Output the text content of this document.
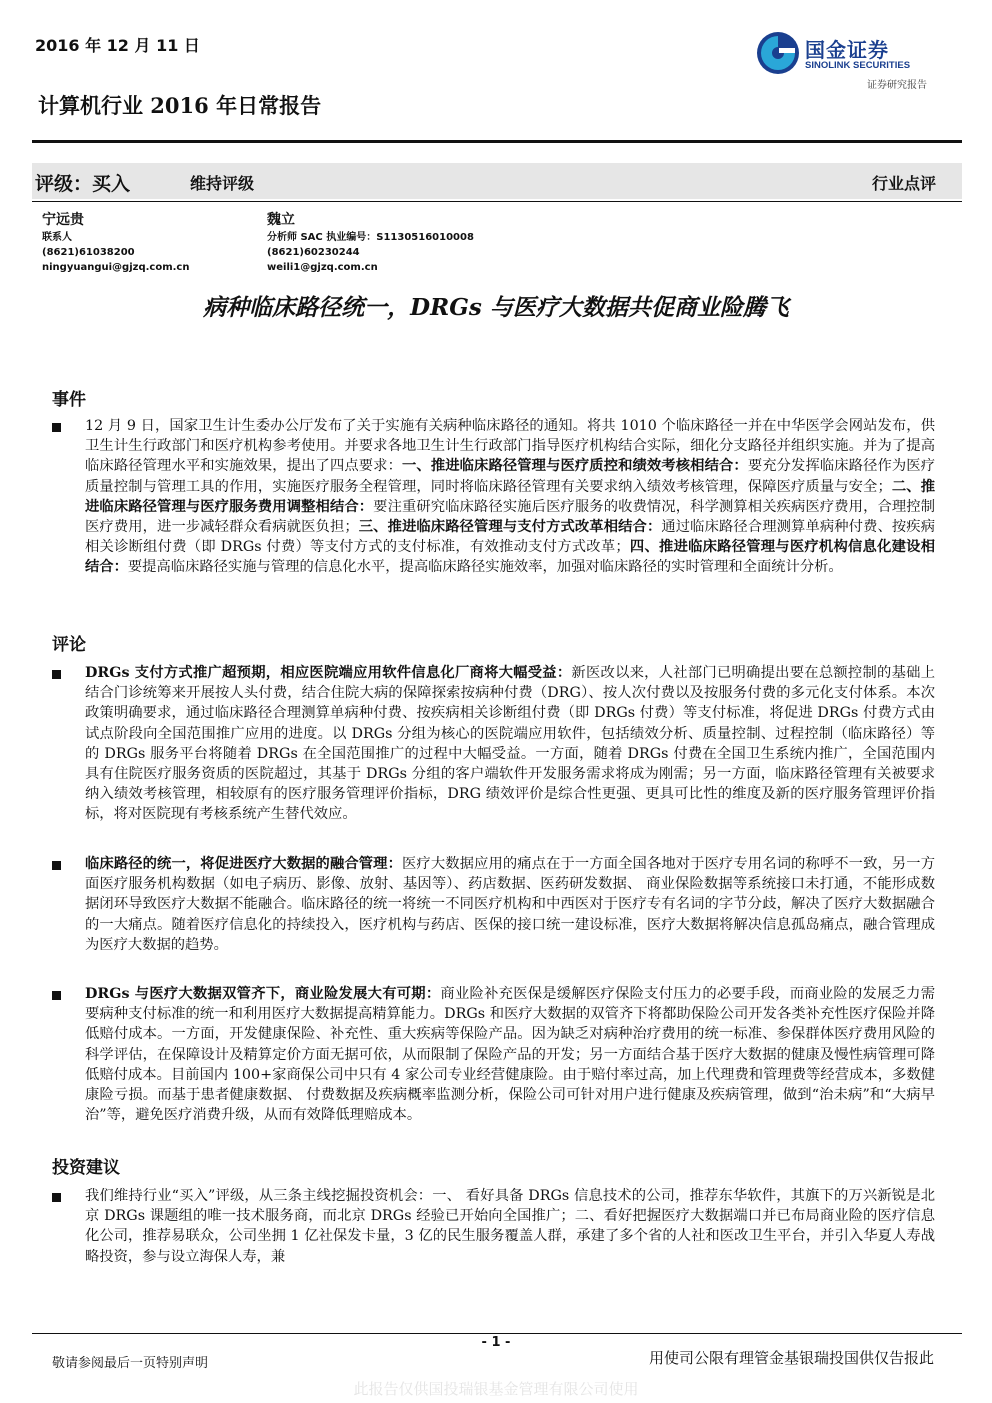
2016 年 12 月 11 日	国金证券
SINOLINK SECURITIES
证券研究报告
计算机行业 2016 年日常报告
评级：买入	维持评级	行业点评
宁远贵
联系人
(8621)61038200
ningyuangui@gjzq.com.cn
魏立
分析师 SAC 执业编号：S1130516010008
(8621)60230244
weili1@gjzq.com.cn
病种临床路径统一，DRGs 与医疗大数据共促商业险腾飞
事件
12 月 9 日，国家卫生计生委办公厅发布了关于实施有关病种临床路径的通知。将共 1010 个临床路径一并在中华医学会网站发布，供卫生计生行政部门和医疗机构参考使用。并要求各地卫生计生行政部门指导医疗机构结合实际，细化分支路径并组织实施。并为了提高临床路径管理水平和实施效果，提出了四点要求：一、推进临床路径管理与医疗质控和绩效考核相结合：要充分发挥临床路径作为医疗质量控制与管理工具的作用，实施医疗服务全程管理，同时将临床路径管理有关要求纳入绩效考核管理，保障医疗质量与安全；二、推进临床路径管理与医疗服务费用调整相结合：要注重研究临床路径实施后医疗服务的收费情况，科学测算相关疾病医疗费用，合理控制医疗费用，进一步减轻群众看病就医负担；三、推进临床路径管理与支付方式改革相结合：通过临床路径合理测算单病种付费、按疾病相关诊断组付费（即 DRGs 付费）等支付方式的支付标准，有效推动支付方式改革；四、推进临床路径管理与医疗机构信息化建设相结合：要提高临床路径实施与管理的信息化水平，提高临床路径实施效率，加强对临床路径的实时管理和全面统计分析。
评论
DRGs 支付方式推广超预期，相应医院端应用软件信息化厂商将大幅受益：新医改以来，人社部门已明确提出要在总额控制的基础上结合门诊统筹来开展按人头付费，结合住院大病的保障探索按病种付费（DRG）、按人次付费以及按服务付费的多元化支付体系。本次政策明确要求，通过临床路径合理测算单病种付费、按疾病相关诊断组付费（即 DRGs 付费）等支付标准，将促进 DRGs 付费方式由试点阶段向全国范围推广应用的进度。以 DRGs 分组为核心的医院端应用软件，包括绩效分析、质量控制、过程控制（临床路径）等的 DRGs 服务平台将随着 DRGs 在全国范围推广的过程中大幅受益。一方面，随着 DRGs 付费在全国卫生系统内推广，全国范围内具有住院医疗服务资质的医院超过，其基于 DRGs 分组的客户端软件开发服务需求将成为刚需；另一方面，临床路径管理有关被要求纳入绩效考核管理，相较原有的医疗服务管理评价指标，DRG 绩效评价是综合性更强、更具可比性的维度及新的医疗服务管理评价指标，将对医院现有考核系统产生替代效应。
临床路径的统一，将促进医疗大数据的融合管理：医疗大数据应用的痛点在于一方面全国各地对于医疗专用名词的称呼不一致，另一方面医疗服务机构数据（如电子病历、影像、放射、基因等）、药店数据、医药研发数据、 商业保险数据等系统接口未打通，不能形成数据闭环导致医疗大数据不能融合。临床路径的统一将统一不同医疗机构和中西医对于医疗专有名词的字节分歧，解决了医疗大数据融合的一大痛点。随着医疗信息化的持续投入，医疗机构与药店、医保的接口统一建设标准，医疗大数据将解决信息孤岛痛点，融合管理成为医疗大数据的趋势。
DRGs 与医疗大数据双管齐下，商业险发展大有可期：商业险补充医保是缓解医疗保险支付压力的必要手段，而商业险的发展乏力需要病种支付标准的统一和利用医疗大数据提高精算能力。DRGs 和医疗大数据的双管齐下将都助保险公司开发各类补充性医疗保险并降低赔付成本。一方面，开发健康保险、补充性、重大疾病等保险产品。因为缺乏对病种治疗费用的统一标准、参保群体医疗费用风险的科学评估，在保障设计及精算定价方面无据可依，从而限制了保险产品的开发；另一方面结合基于医疗大数据的健康及慢性病管理可降低赔付成本。目前国内 100+家商保公司中只有 4 家公司专业经营健康险。由于赔付率过高，加上代理费和管理费等经营成本，多数健康险亏损。而基于患者健康数据、 付费数据及疾病概率监测分析，保险公司可针对用户进行健康及疾病管理，做到“治未病”和“大病早治”等，避免医疗消费升级，从而有效降低理赔成本。
投资建议
我们维持行业“买入”评级，从三条主线挖掘投资机会：一、 看好具备 DRGs 信息技术的公司，推荐东华软件，其旗下的万兴新锐是北京 DRGs 课题组的唯一技术服务商，而北京 DRGs 经验已开始向全国推广；二、看好把握医疗大数据端口并已布局商业险的医疗信息化公司，推荐易联众，公司坐拥 1 亿社保发卡量，3 亿的民生服务覆盖人群，承建了多个省的人社和医改卫生平台，并引入华夏人寿战略投资，参与设立海保人寿，兼
- 1 -
敬请参阅最后一页特别声明	用使司公限有理管金基银瑞投国供仅告报此
此报告仅供国投瑞银基金管理有限公司使用
